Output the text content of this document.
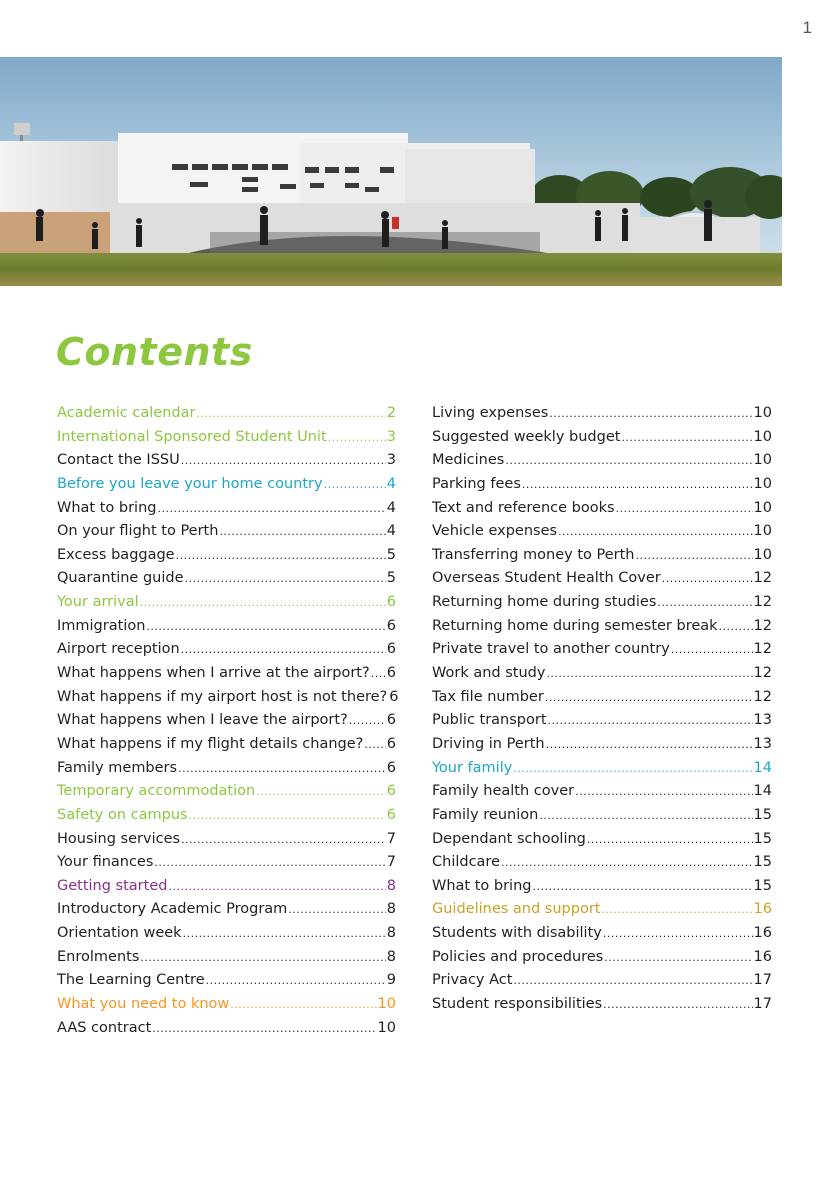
1
Contents
Academic calendar .....	2
International Sponsored Student Unit .....	3
Contact the ISSU .....	3
Before you leave your home country .....	4
What to bring .....	4
On your flight to Perth .....	4
Excess baggage .....	5
Quarantine guide .....	5
Your arrival .....	6
Immigration .....	6
Airport reception .....	6
What happens when I arrive at the airport? ..... 6
What happens if my airport host is not there? 6
What happens when I leave the airport? .....	6
What happens if my flight details change? ..... 6
Family members .....	6
Temporary accommodation .....	6
Safety on campus .....	6
Housing services .....	7
Your finances .....	7
Getting started .....	8
Introductory Academic Program .....	8
Orientation week .....	8
Enrolments .....	8
The Learning Centre .....	9
What you need to know .....	10
AAS contract .....	10
Living expenses .....	10
Suggested weekly budget .....	10
Medicines .....	10
Parking fees .....	10
Text and reference books .....	10
Vehicle expenses .....	10
Transferring money to Perth .....	10
Overseas Student Health Cover .....	12
Returning home during studies .....	12
Returning home during semester break ..... 12
Private travel to another country .....	12
Work and study .....	12
Tax file number .....	12
Public transport .....	13
Driving in Perth .....	13
Your family .....	14
Family health cover .....	14
Family reunion .....	15
Dependant schooling .....	15
Childcare .....	15
What to bring .....	15
Guidelines and support .....	16
Students with disability .....	16
Policies and procedures .....	16
Privacy Act .....	17
Student responsibilities .....	17
